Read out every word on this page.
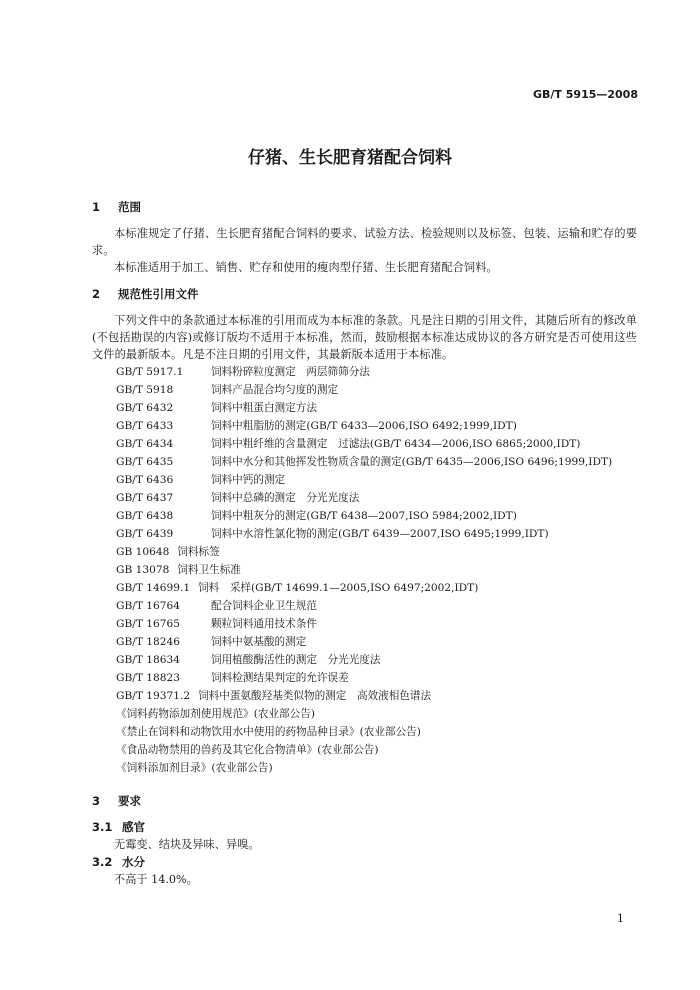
GB/T 5915—2008
仔猪、生长肥育猪配合饲料
1 范围
本标准规定了仔猪、生长肥育猪配合饲料的要求、试验方法、检验规则以及标签、包装、运输和贮存的要求。
本标准适用于加工、销售、贮存和使用的瘦肉型仔猪、生长肥育猪配合饲料。
2 规范性引用文件
下列文件中的条款通过本标准的引用而成为本标准的条款。凡是注日期的引用文件，其随后所有的修改单(不包括勘误的内容)或修订版均不适用于本标准，然而，鼓励根据本标准达成协议的各方研究是否可使用这些文件的最新版本。凡是不注日期的引用文件，其最新版本适用于本标准。
GB/T 5917.1	饲料粉碎粒度测定　两层筛筛分法
GB/T 5918	饲料产品混合均匀度的测定
GB/T 6432	饲料中粗蛋白测定方法
GB/T 6433	饲料中粗脂肪的测定(GB/T 6433—2006,ISO 6492;1999,IDT)
GB/T 6434	饲料中粗纤维的含量测定　过滤法(GB/T 6434—2006,ISO 6865;2000,IDT)
GB/T 6435	饲料中水分和其他挥发性物质含量的测定(GB/T 6435—2006,ISO 6496;1999,IDT)
GB/T 6436	饲料中钙的测定
GB/T 6437	饲料中总磷的测定　分光光度法
GB/T 6438	饲料中粗灰分的测定(GB/T 6438—2007,ISO 5984;2002,IDT)
GB/T 6439	饲料中水溶性氯化物的测定(GB/T 6439—2007,ISO 6495;1999,IDT)
GB 10648 饲料标签
GB 13078 饲料卫生标准
GB/T 14699.1 饲料　采样(GB/T 14699.1—2005,ISO 6497;2002,IDT)
GB/T 16764	配合饲料企业卫生规范
GB/T 16765	颗粒饲料通用技术条件
GB/T 18246	饲料中氨基酸的测定
GB/T 18634	饲用植酸酶活性的测定　分光光度法
GB/T 18823	饲料检测结果判定的允许误差
GB/T 19371.2 饲料中蛋氨酸羟基类似物的测定　高效液相色谱法
《饲料药物添加剂使用规范》(农业部公告)
《禁止在饲料和动物饮用水中使用的药物品种目录》(农业部公告)
《食品动物禁用的兽药及其它化合物清单》(农业部公告)
《饲料添加剂目录》(农业部公告)
3 要求
3.1 感官
无霉变、结块及异味、异嗅。
3.2 水分
不高于 14.0%。
1
